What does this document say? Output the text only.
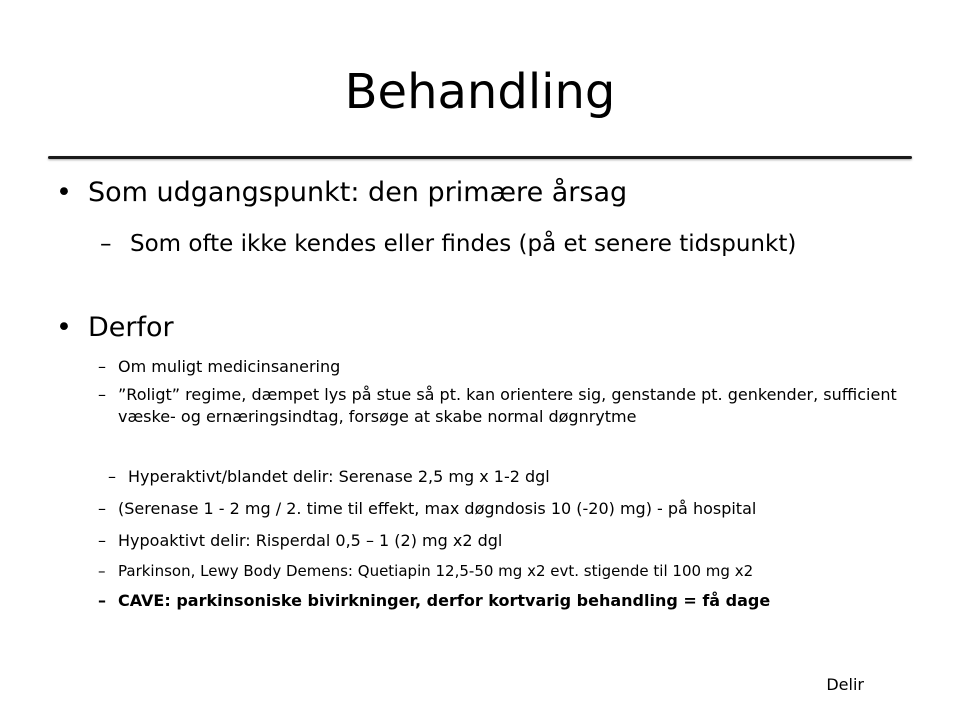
Behandling
• Som udgangspunkt: den primære årsag
– Som ofte ikke kendes eller findes (på et senere tidspunkt)
• Derfor
– Om muligt medicinsanering
– ”Roligt” regime, dæmpet lys på stue så pt. kan orientere sig, genstande pt. genkender, sufficient væske- og ernæringsindtag, forsøge at skabe normal døgnrytme
– Hyperaktivt/blandet delir: Serenase 2,5 mg x 1-2 dgl
– (Serenase 1 - 2 mg / 2. time til effekt, max døgndosis 10 (-20) mg) - på hospital
– Hypoaktivt delir: Risperdal 0,5 – 1 (2) mg x2 dgl
– Parkinson, Lewy Body Demens: Quetiapin 12,5-50 mg x2 evt. stigende til 100 mg x2
– CAVE: parkinsoniske bivirkninger, derfor kortvarig behandling = få dage
Delir
